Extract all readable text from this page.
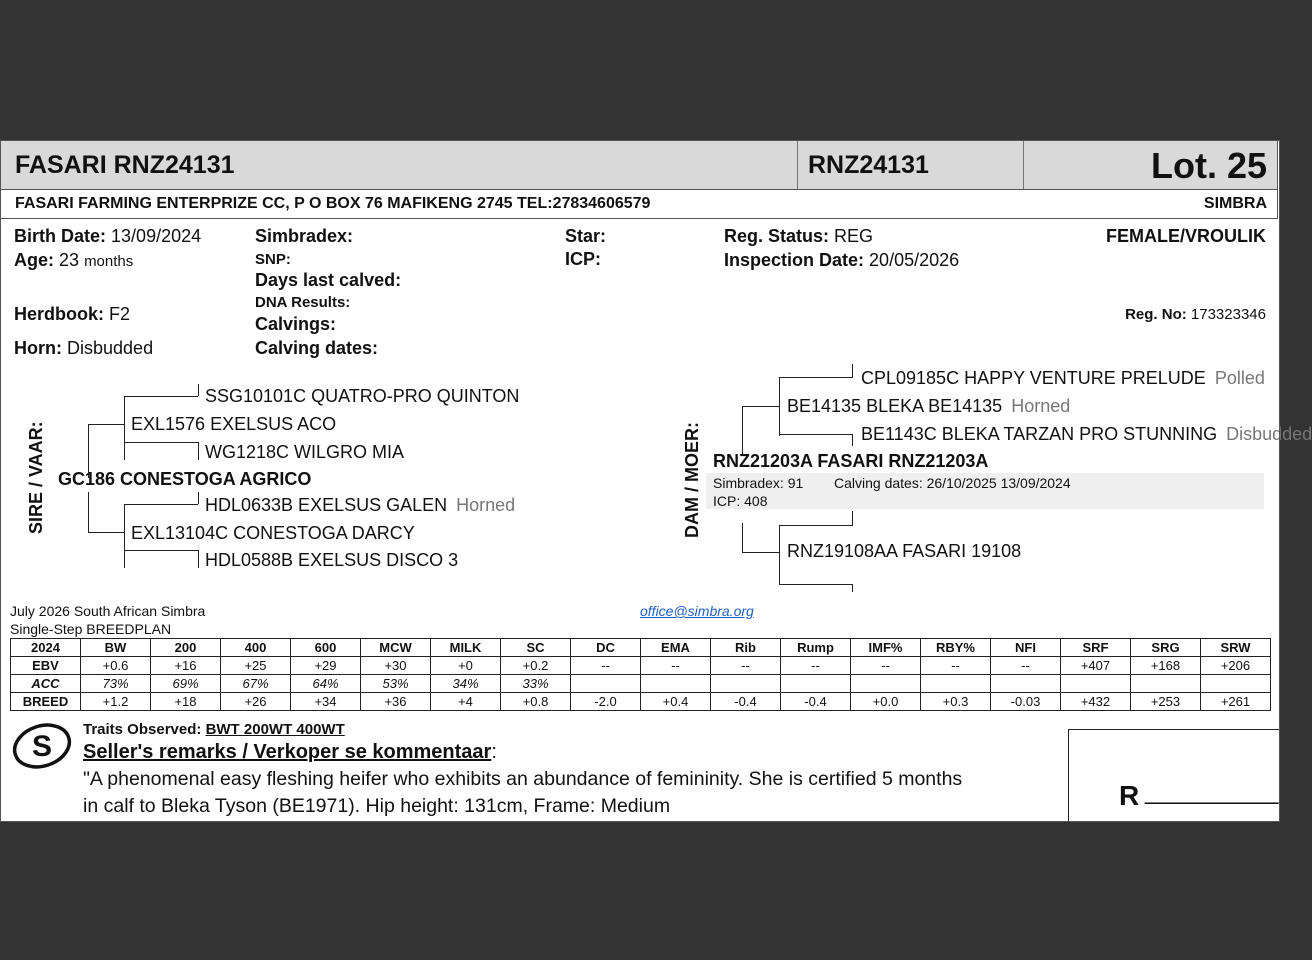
FASARI RNZ24131	RNZ24131	Lot. 25
FASARI FARMING ENTERPRIZE CC, P O BOX 76 MAFIKENG 2745 TEL:27834606579	SIMBRA
Birth Date: 13/09/2024
Age: 23 months
Herdbook: F2
Horn: Disbudded
Simbradex:
SNP:
Days last calved:
DNA Results:
Calvings:
Calving dates:
Star:
ICP:
Reg. Status: REG
Inspection Date: 20/05/2026
FEMALE/VROULIK
Reg. No: 173323346
SIRE / VAAR:
SSG10101C QUATRO-PRO QUINTON
EXL1576 EXELSUS ACO
WG1218C WILGRO MIA
GC186 CONESTOGA AGRICO
HDL0633B EXELSUS GALEN Horned
EXL13104C CONESTOGA DARCY
HDL0588B EXELSUS DISCO 3
DAM / MOER:
CPL09185C HAPPY VENTURE PRELUDE Polled
BE14135 BLEKA BE14135 Horned
BE1143C BLEKA TARZAN PRO STUNNING Disbudded
RNZ21203A FASARI RNZ21203A
Simbradex: 91 Calving dates: 26/10/2025 13/09/2024
ICP: 408
RNZ19108AA FASARI 19108
July 2026 South African Simbra
Single-Step BREEDPLAN
office@simbra.org
2024	BW	200	400	600	MCW	MILK	SC	DC	EMA	Rib	Rump	IMF%	RBY%	NFI	SRF	SRG	SRW
EBV	+0.6	+16	+25	+29	+30	+0	+0.2	--	--	--	--	--	--	--	+407	+168	+206
ACC	73%	69%	67%	64%	53%	34%	33%										
BREED	+1.2	+18	+26	+34	+36	+4	+0.8	-2.0	+0.4	-0.4	-0.4	+0.0	+0.3	-0.03	+432	+253	+261
S
Traits Observed: BWT 200WT 400WT
Seller's remarks / Verkoper se kommentaar:
"A phenomenal easy fleshing heifer who exhibits an abundance of femininity. She is certified 5 months
in calf to Bleka Tyson (BE1971). Hip height: 131cm, Frame: Medium	R __________
